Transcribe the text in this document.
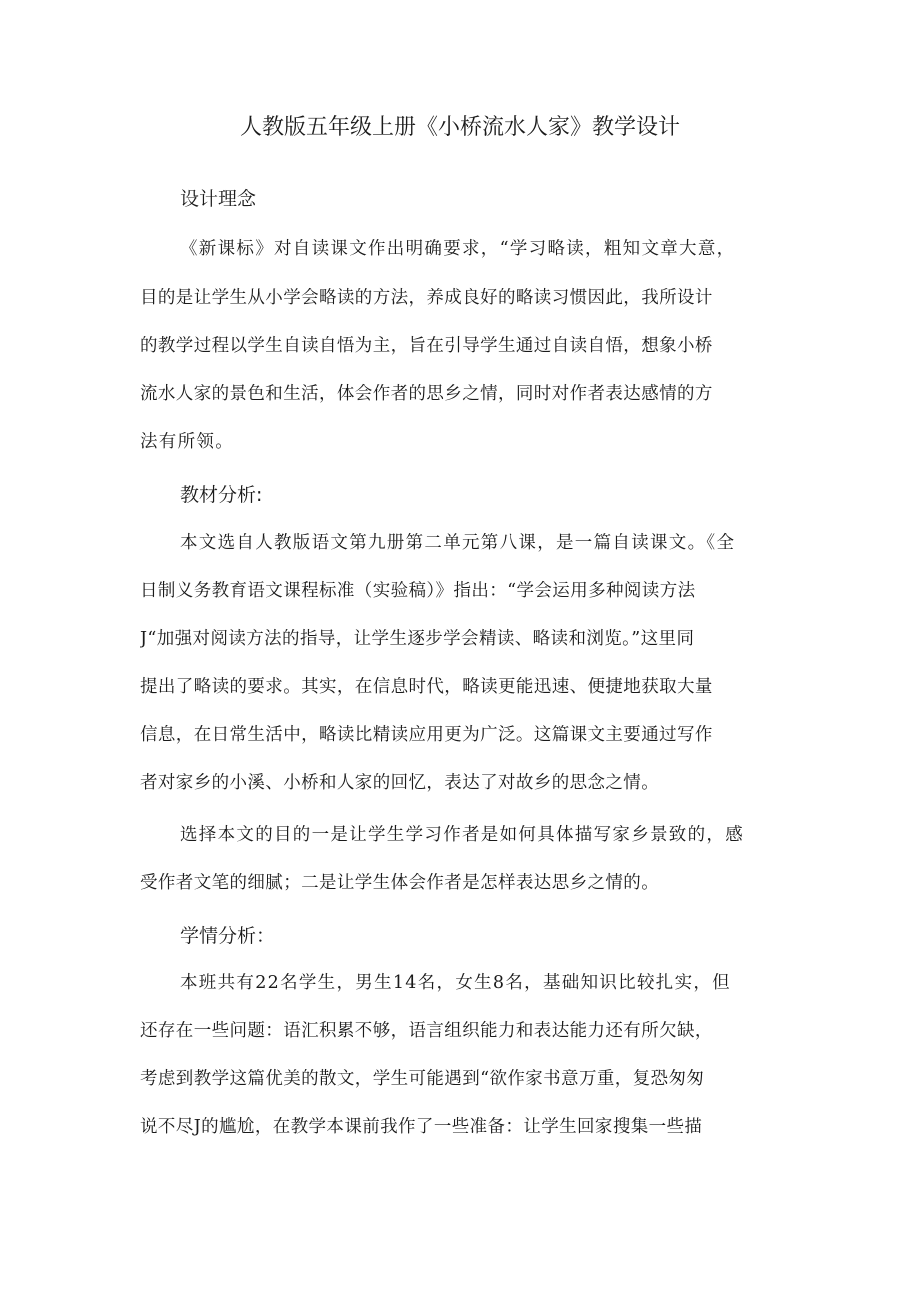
人教版五年级上册《小桥流水人家》教学设计
设计理念
《新课标》对自读课文作出明确要求，“学习略读，粗知文章大意，
目的是让学生从小学会略读的方法，养成良好的略读习惯因此，我所设计
的教学过程以学生自读自悟为主，旨在引导学生通过自读自悟，想象小桥
流水人家的景色和生活，体会作者的思乡之情，同时对作者表达感情的方
法有所领。
教材分析:
本文选自人教版语文第九册第二单元第八课，是一篇自读课文。《全
日制义务教育语文课程标准（实验稿）》指出：“学会运用多种阅读方法
J“加强对阅读方法的指导，让学生逐步学会精读、略读和浏览。”这里同
提出了略读的要求。其实，在信息时代，略读更能迅速、便捷地获取大量
信息，在日常生活中，略读比精读应用更为广泛。这篇课文主要通过写作
者对家乡的小溪、小桥和人家的回忆，表达了对故乡的思念之情。
选择本文的目的一是让学生学习作者是如何具体描写家乡景致的，感
受作者文笔的细腻；二是让学生体会作者是怎样表达思乡之情的。
学情分析：
本班共有22名学生，男生14名，女生8名，基础知识比较扎实，但
还存在一些问题：语汇积累不够，语言组织能力和表达能力还有所欠缺，
考虑到教学这篇优美的散文，学生可能遇到“欲作家书意万重，复恐匆匆
说不尽J的尴尬，在教学本课前我作了一些准备：让学生回家搜集一些描
